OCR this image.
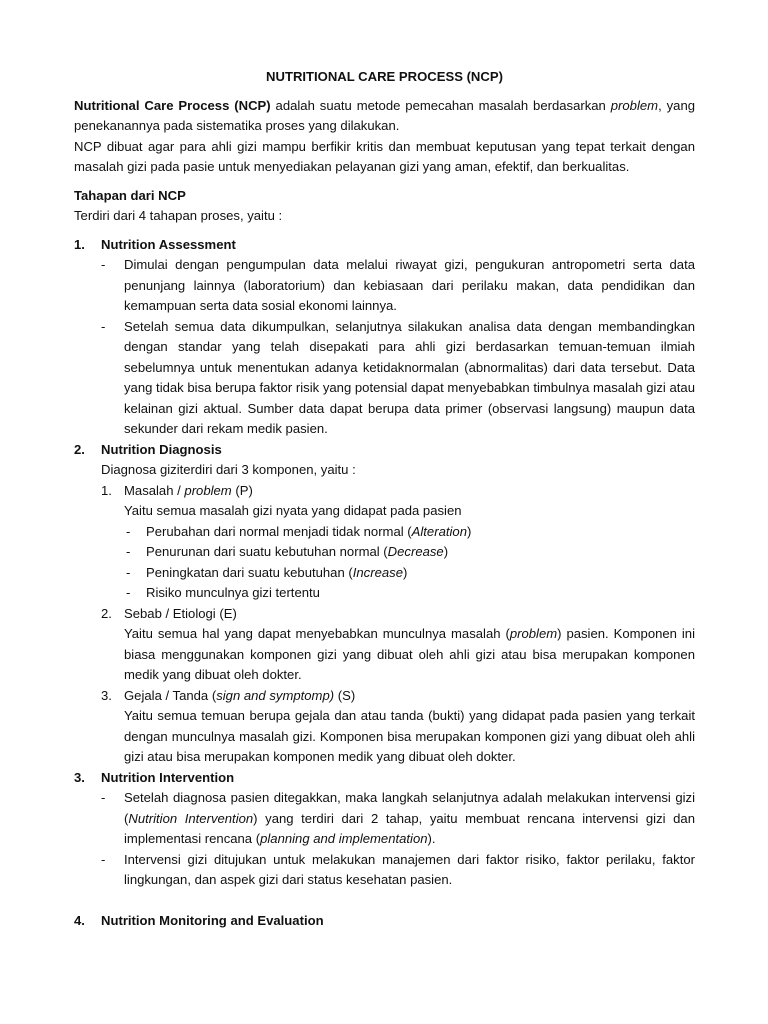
NUTRITIONAL CARE PROCESS (NCP)

Nutritional Care Process (NCP) adalah suatu metode pemecahan masalah berdasarkan problem, yang penekanannya pada sistematika proses yang dilakukan.

NCP dibuat agar para ahli gizi mampu berfikir kritis dan membuat keputusan yang tepat terkait dengan masalah gizi pada pasie untuk menyediakan pelayanan gizi yang aman, efektif, dan berkualitas.

Tahapan dari NCP

Terdiri dari 4 tahapan proses, yaitu :

1. Nutrition Assessment

- Dimulai dengan pengumpulan data melalui riwayat gizi, pengukuran antropometri serta data penunjang lainnya (laboratorium) dan kebiasaan dari perilaku makan, data pendidikan dan kemampuan serta data sosial ekonomi lainnya.

- Setelah semua data dikumpulkan, selanjutnya silakukan analisa data dengan membandingkan dengan standar yang telah disepakati para ahli gizi berdasarkan temuan-temuan ilmiah sebelumnya untuk menentukan adanya ketidaknormalan (abnormalitas) dari data tersebut. Data yang tidak bisa berupa faktor risik yang potensial dapat menyebabkan timbulnya masalah gizi atau kelainan gizi aktual. Sumber data dapat berupa data primer (observasi langsung) maupun data sekunder dari rekam medik pasien.

2. Nutrition Diagnosis

Diagnosa giziterdiri dari 3 komponen, yaitu :

1. Masalah / problem (P)

Yaitu semua masalah gizi nyata yang didapat pada pasien

- Perubahan dari normal menjadi tidak normal (Alteration)

- Penurunan dari suatu kebutuhan normal (Decrease)

- Peningkatan dari suatu kebutuhan (Increase)

- Risiko munculnya gizi tertentu

2. Sebab / Etiologi (E)

Yaitu semua hal yang dapat menyebabkan munculnya masalah (problem) pasien. Komponen ini biasa menggunakan komponen gizi yang dibuat oleh ahli gizi atau bisa merupakan komponen medik yang dibuat oleh dokter.

3. Gejala / Tanda (sign and symptomp) (S)

Yaitu semua temuan berupa gejala dan atau tanda (bukti) yang didapat pada pasien yang terkait dengan munculnya masalah gizi. Komponen bisa merupakan komponen gizi yang dibuat oleh ahli gizi atau bisa merupakan komponen medik yang dibuat oleh dokter.

3. Nutrition Intervention

- Setelah diagnosa pasien ditegakkan, maka langkah selanjutnya adalah melakukan intervensi gizi (Nutrition Intervention) yang terdiri dari 2 tahap, yaitu membuat rencana intervensi gizi dan implementasi rencana (planning and implementation).

- Intervensi gizi ditujukan untuk melakukan manajemen dari faktor risiko, faktor perilaku, faktor lingkungan, dan aspek gizi dari status kesehatan pasien.

4. Nutrition Monitoring and Evaluation
